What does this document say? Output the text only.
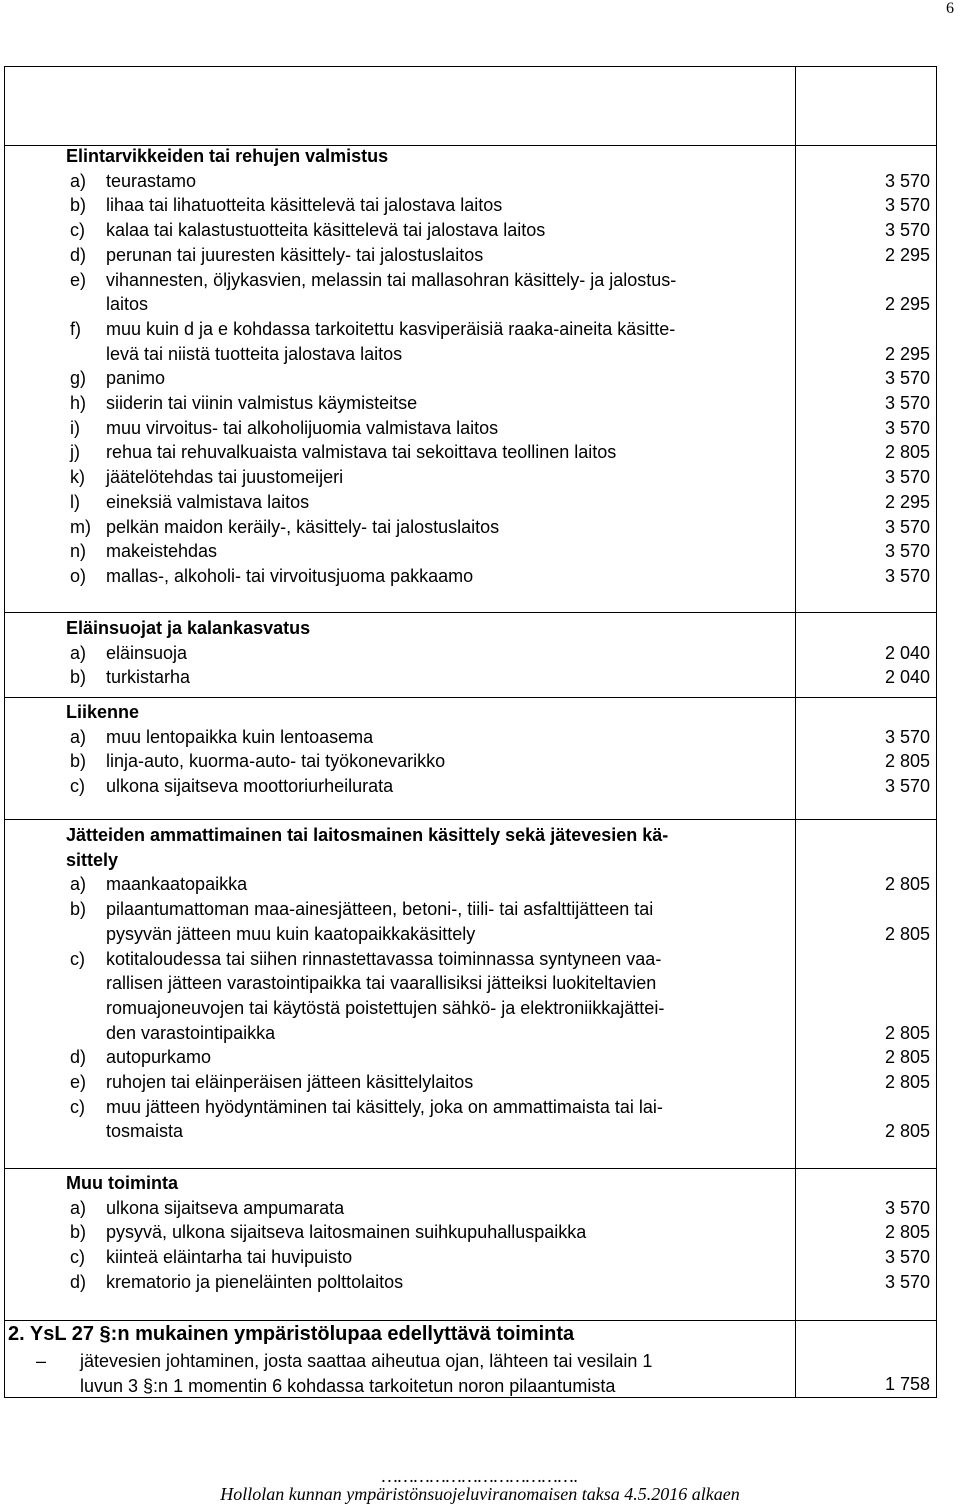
6
Elintarvikkeiden tai rehujen valmistus
a) teurastamo	3 570
b) lihaa tai lihatuotteita käsittelevä tai jalostava laitos	3 570
c) kalaa tai kalastustuotteita käsittelevä tai jalostava laitos	3 570
d) perunan tai juuresten käsittely- tai jalostuslaitos	2 295
e) vihannesten, öljykasvien, melassin tai mallasohran käsittely- ja jalostus-
laitos	2 295
f) muu kuin d ja e kohdassa tarkoitettu kasviperäisiä raaka-aineita käsitte-
levä tai niistä tuotteita jalostava laitos	2 295
g) panimo	3 570
h) siiderin tai viinin valmistus käymisteitse	3 570
i) muu virvoitus- tai alkoholijuomia valmistava laitos	3 570
j) rehua tai rehuvalkuaista valmistava tai sekoittava teollinen laitos	2 805
k) jäätelötehdas tai juustomeijeri	3 570
l) eineksiä valmistava laitos	2 295
m) pelkän maidon keräily-, käsittely- tai jalostuslaitos	3 570
n) makeistehdas	3 570
o) mallas-, alkoholi- tai virvoitusjuoma pakkaamo	3 570
Eläinsuojat ja kalankasvatus
a) eläinsuoja	2 040
b) turkistarha	2 040
Liikenne
a) muu lentopaikka kuin lentoasema	3 570
b) linja-auto, kuorma-auto- tai työkonevarikko	2 805
c) ulkona sijaitseva moottoriurheilurata	3 570
Jätteiden ammattimainen tai laitosmainen käsittely sekä jätevesien kä-
sittely
a) maankaatopaikka	2 805
b) pilaantumattoman maa-ainesjätteen, betoni-, tiili- tai asfalttijätteen tai
pysyvän jätteen muu kuin kaatopaikkakäsittely	2 805
c) kotitaloudessa tai siihen rinnastettavassa toiminnassa syntyneen vaa-
rallisen jätteen varastointipaikka tai vaarallisiksi jätteiksi luokiteltavien
romuajoneuvojen tai käytöstä poistettujen sähkö- ja elektroniikkajättei-
den varastointipaikka	2 805
d) autopurkamo	2 805
e) ruhojen tai eläinperäisen jätteen käsittelylaitos	2 805
c) muu jätteen hyödyntäminen tai käsittely, joka on ammattimaista tai lai-
tosmaista	2 805
Muu toiminta
a) ulkona sijaitseva ampumarata	3 570
b) pysyvä, ulkona sijaitseva laitosmainen suihkupuhalluspaikka	2 805
c) kiinteä eläintarha tai huvipuisto	3 570
d) krematorio ja pieneläinten polttolaitos	3 570
2. YsL 27 §:n mukainen ympäristölupaa edellyttävä toiminta
– jätevesien johtaminen, josta saattaa aiheutua ojan, lähteen tai vesilain 1
luvun 3 §:n 1 momentin 6 kohdassa tarkoitetun noron pilaantumista	1 758
……………………………….
Hollolan kunnan ympäristönsuojeluviranomaisen taksa 4.5.2016 alkaen
